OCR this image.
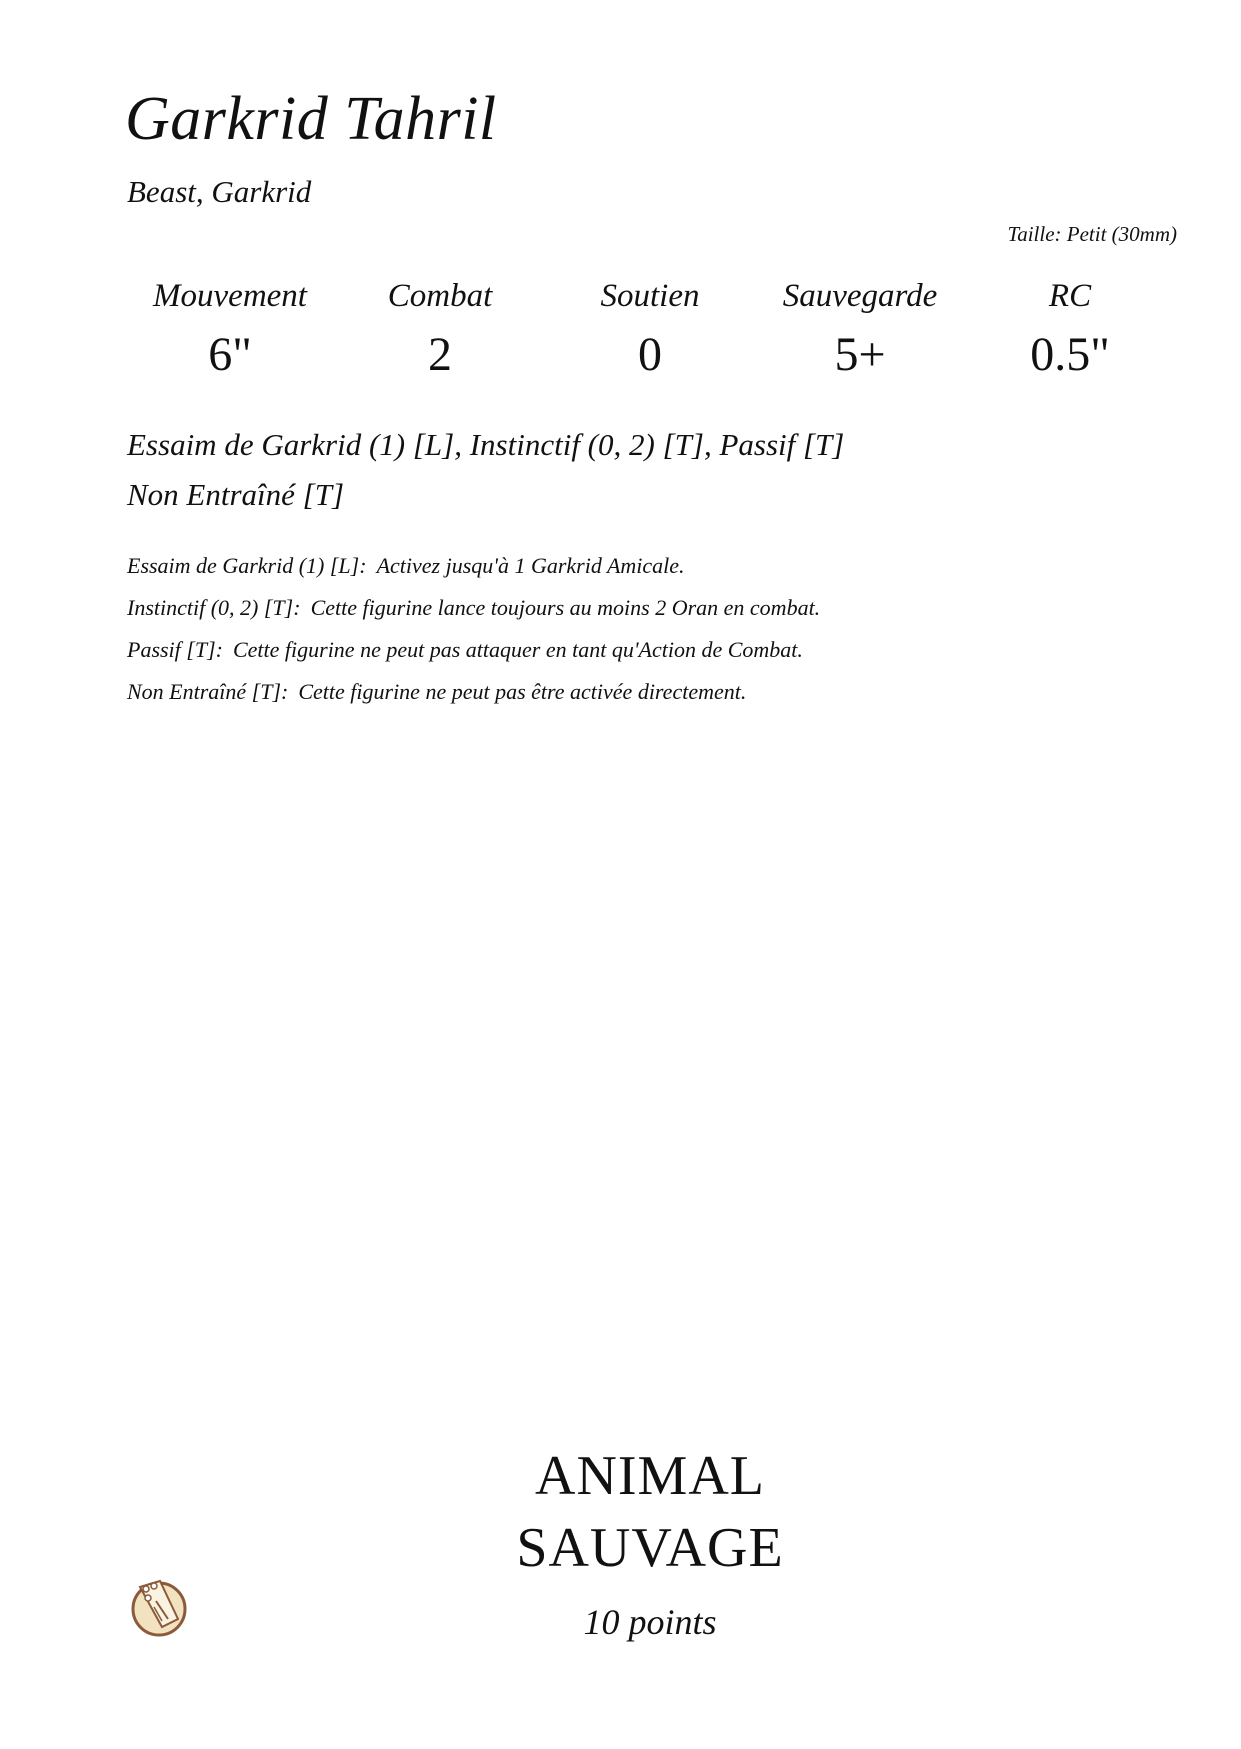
Garkrid Tahril
Beast, Garkrid
Taille: Petit (30mm)
Mouvement
6"
Combat
2
Soutien
0
Sauvegarde
5+
RC
0.5"
Essaim de Garkrid (1) [L], Instinctif (0, 2) [T], Passif [T]
Non Entraîné [T]
Essaim de Garkrid (1) [L]: Activez jusqu'à 1 Garkrid Amicale.
Instinctif (0, 2) [T]: Cette figurine lance toujours au moins 2 Oran en combat.
Passif [T]: Cette figurine ne peut pas attaquer en tant qu'Action de Combat.
Non Entraîné [T]: Cette figurine ne peut pas être activée directement.
ANIMAL
SAUVAGE
10 points
